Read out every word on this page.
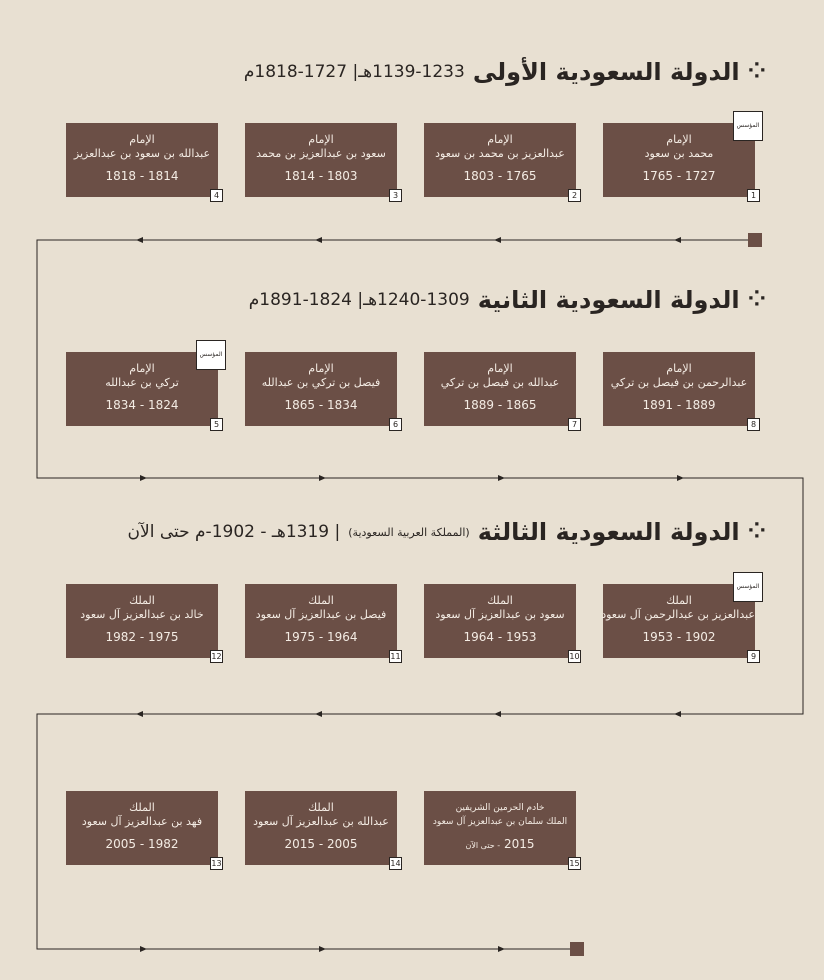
⁘
الدولة السعودية الأولى
1139-1233هـ| 1727-1818م
⁘
الدولة السعودية الثانية
1240-1309هـ| 1824-1891م
⁘
الدولة السعودية الثالثة
(المملكة العربية السعودية)
| 1319هـ - 1902-م حتى الآن
الإمام
محمد بن سعود
1727 - 1765
المؤسس
1
الإمام
عبدالعزيز بن محمد بن سعود
1765 - 1803
2
الإمام
سعود بن عبدالعزيز بن محمد
1803 - 1814
3
الإمام
عبدالله بن سعود بن عبدالعزيز
1814 - 1818
4
الإمام
عبدالرحمن بن فيصل بن تركي
1889 - 1891
8
الإمام
عبدالله بن فيصل بن تركي
1865 - 1889
7
الإمام
فيصل بن تركي بن عبدالله
1834 - 1865
6
الإمام
تركي بن عبدالله
1824 - 1834
المؤسس
5
الملك
عبدالعزيز بن عبدالرحمن آل سعود
1902 - 1953
المؤسس
9
الملك
سعود بن عبدالعزيز آل سعود
1953 - 1964
10
الملك
فيصل بن عبدالعزيز آل سعود
1964 - 1975
11
الملك
خالد بن عبدالعزيز آل سعود
1975 - 1982
12
خادم الحرمين الشريفين
الملك سلمان بن عبدالعزيز آل سعود
2015 - حتى الآن
15
الملك
عبدالله بن عبدالعزيز آل سعود
2005 - 2015
14
الملك
فهد بن عبدالعزيز آل سعود
1982 - 2005
13
